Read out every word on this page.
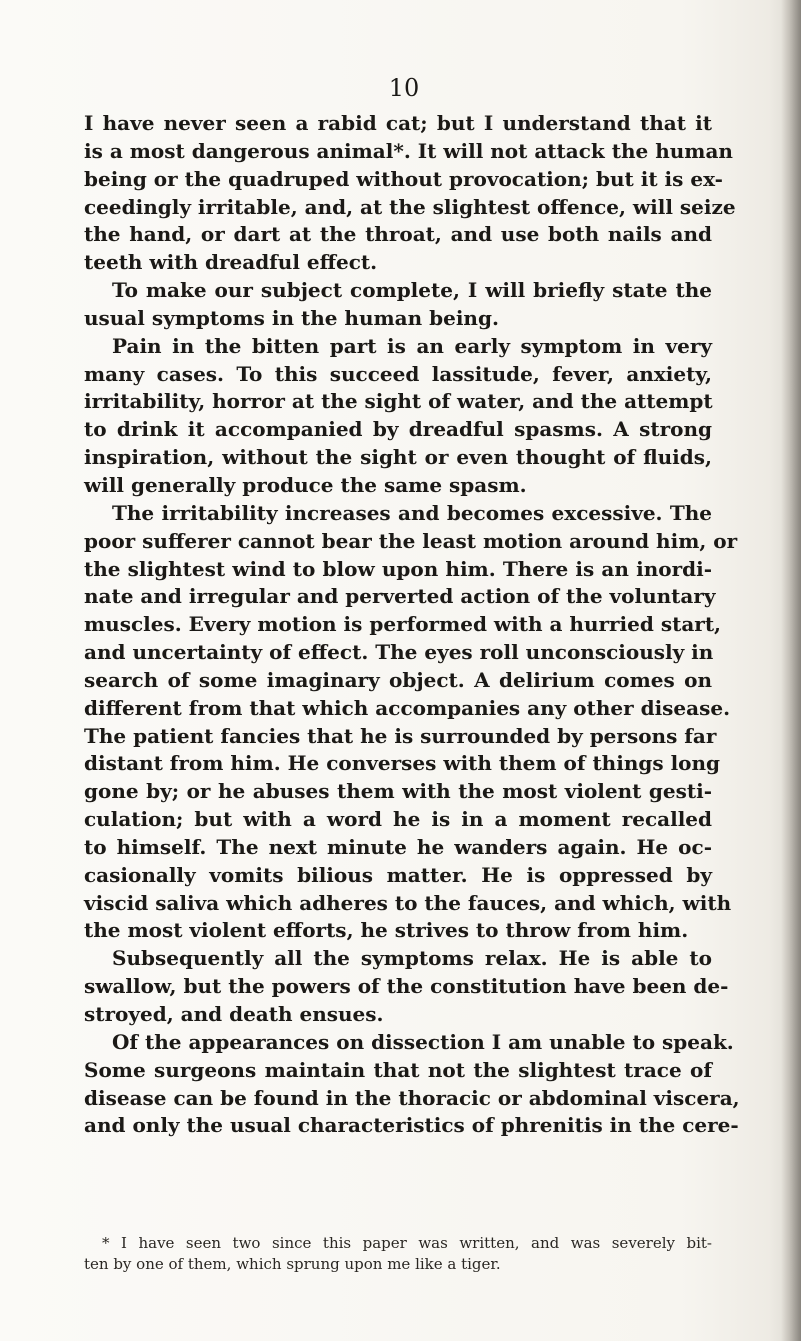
10
I have never seen a rabid cat; but I understand that it
is a most dangerous animal*. It will not attack the human
being or the quadruped without provocation; but it is ex-
ceedingly irritable, and, at the slightest offence, will seize
the hand, or dart at the throat, and use both nails and
teeth with dreadful effect.
To make our subject complete, I will briefly state the
usual symptoms in the human being.
Pain in the bitten part is an early symptom in very
many cases. To this succeed lassitude, fever, anxiety,
irritability, horror at the sight of water, and the attempt
to drink it accompanied by dreadful spasms. A strong
inspiration, without the sight or even thought of fluids,
will generally produce the same spasm.
The irritability increases and becomes excessive. The
poor sufferer cannot bear the least motion around him, or
the slightest wind to blow upon him. There is an inordi-
nate and irregular and perverted action of the voluntary
muscles. Every motion is performed with a hurried start,
and uncertainty of effect. The eyes roll unconsciously in
search of some imaginary object. A delirium comes on
different from that which accompanies any other disease.
The patient fancies that he is surrounded by persons far
distant from him. He converses with them of things long
gone by; or he abuses them with the most violent gesti-
culation; but with a word he is in a moment recalled
to himself. The next minute he wanders again. He oc-
casionally vomits bilious matter. He is oppressed by
viscid saliva which adheres to the fauces, and which, with
the most violent efforts, he strives to throw from him.
Subsequently all the symptoms relax. He is able to
swallow, but the powers of the constitution have been de-
stroyed, and death ensues.
Of the appearances on dissection I am unable to speak.
Some surgeons maintain that not the slightest trace of
disease can be found in the thoracic or abdominal viscera,
and only the usual characteristics of phrenitis in the cere-
* I have seen two since this paper was written, and was severely bit-
ten by one of them, which sprung upon me like a tiger.
